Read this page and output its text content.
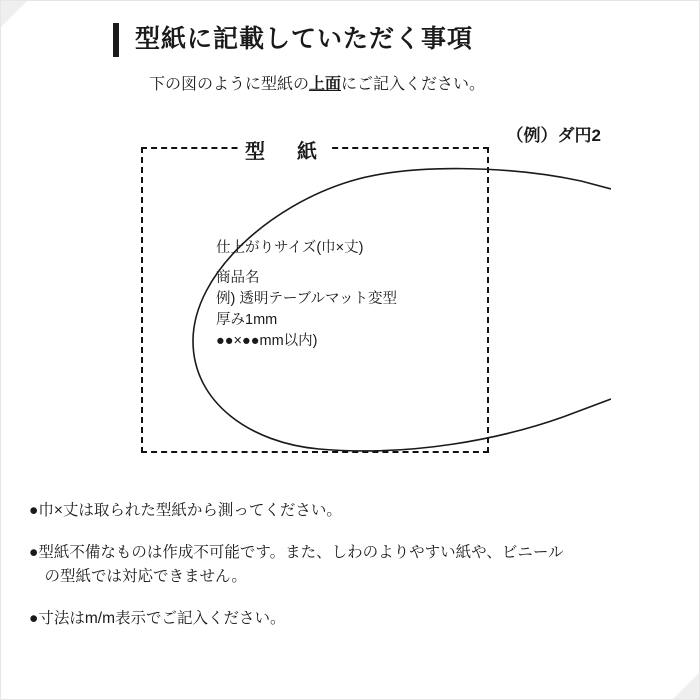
型紙に記載していただく事項
下の図のように型紙の上面にご記入ください。
（例）ダ円2
型　紙
仕上がりサイズ(巾×丈)
商品名
例) 透明テーブルマット変型
厚み1mm
●●×●●mm以内)
●巾×丈は取られた型紙から測ってください。
●型紙不備なものは作成不可能です。また、しわのよりやすい紙や、ビニール
　の型紙では対応できません。
●寸法はm/m表示でご記入ください。
